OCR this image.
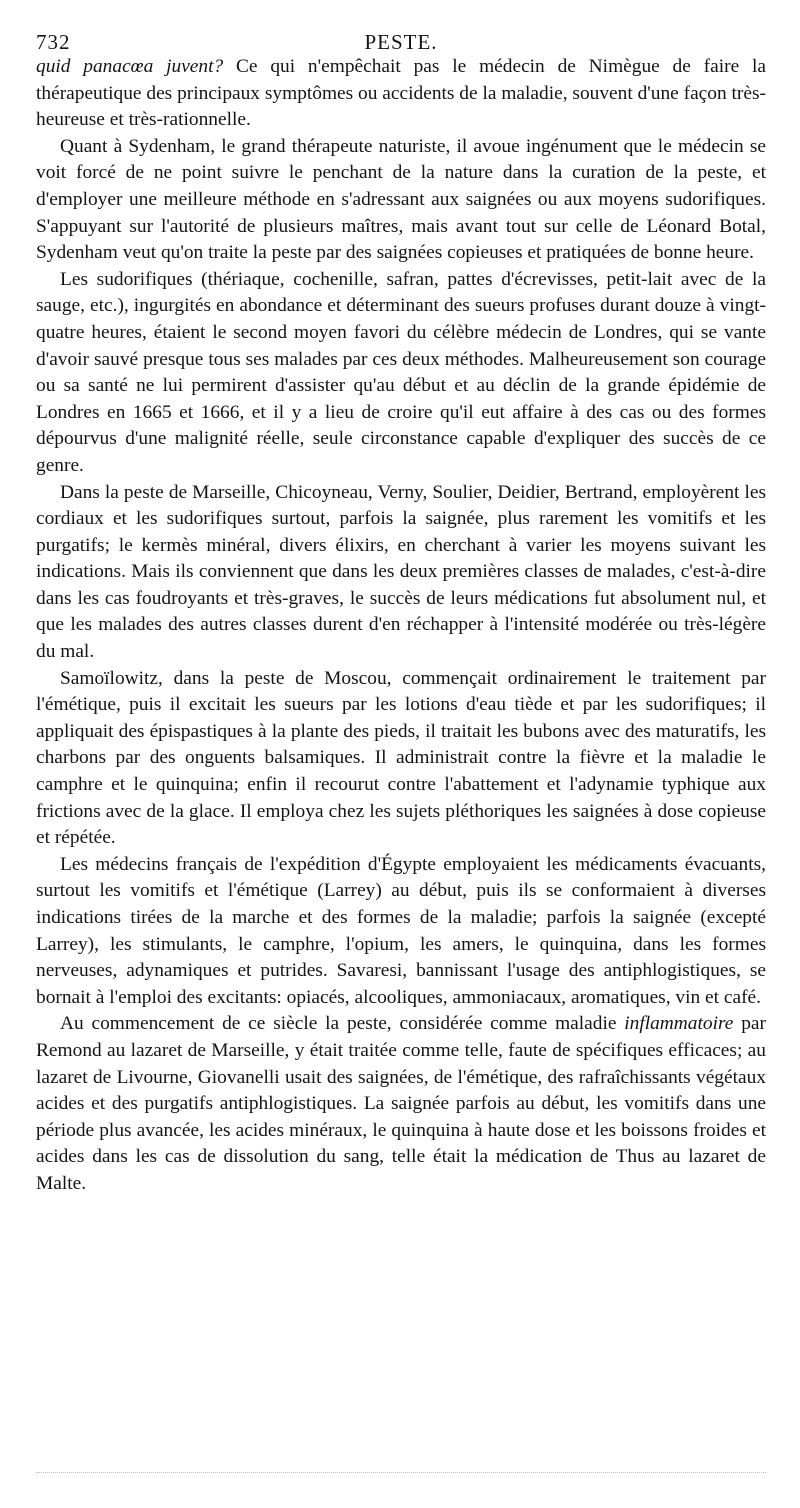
732	PESTE.

quid panacœa juvent? Ce qui n'empêchait pas le médecin de Nimègue de faire la thérapeutique des principaux symptômes ou accidents de la maladie, souvent d'une façon très-heureuse et très-rationnelle.

Quant à Sydenham, le grand thérapeute naturiste, il avoue ingénument que le médecin se voit forcé de ne point suivre le penchant de la nature dans la curation de la peste, et d'employer une meilleure méthode en s'adressant aux saignées ou aux moyens sudorifiques. S'appuyant sur l'autorité de plusieurs maîtres, mais avant tout sur celle de Léonard Botal, Sydenham veut qu'on traite la peste par des saignées copieuses et pratiquées de bonne heure.

Les sudorifiques (thériaque, cochenille, safran, pattes d'écrevisses, petit-lait avec de la sauge, etc.), ingurgités en abondance et déterminant des sueurs profuses durant douze à vingt-quatre heures, étaient le second moyen favori du célèbre médecin de Londres, qui se vante d'avoir sauvé presque tous ses malades par ces deux méthodes. Malheureusement son courage ou sa santé ne lui permirent d'assister qu'au début et au déclin de la grande épidémie de Londres en 1665 et 1666, et il y a lieu de croire qu'il eut affaire à des cas ou des formes dépourvus d'une malignité réelle, seule circonstance capable d'expliquer des succès de ce genre.

Dans la peste de Marseille, Chicoyneau, Verny, Soulier, Deidier, Bertrand, employèrent les cordiaux et les sudorifiques surtout, parfois la saignée, plus rarement les vomitifs et les purgatifs; le kermès minéral, divers élixirs, en cherchant à varier les moyens suivant les indications. Mais ils conviennent que dans les deux premières classes de malades, c'est-à-dire dans les cas foudroyants et très-graves, le succès de leurs médications fut absolument nul, et que les malades des autres classes durent d'en réchapper à l'intensité modérée ou très-légère du mal.

Samoïlowitz, dans la peste de Moscou, commençait ordinairement le traitement par l'émétique, puis il excitait les sueurs par les lotions d'eau tiède et par les sudorifiques; il appliquait des épispastiques à la plante des pieds, il traitait les bubons avec des maturatifs, les charbons par des onguents balsamiques. Il administrait contre la fièvre et la maladie le camphre et le quinquina; enfin il recourut contre l'abattement et l'adynamie typhique aux frictions avec de la glace. Il employa chez les sujets pléthoriques les saignées à dose copieuse et répétée.

Les médecins français de l'expédition d'Égypte employaient les médicaments évacuants, surtout les vomitifs et l'émétique (Larrey) au début, puis ils se conformaient à diverses indications tirées de la marche et des formes de la maladie; parfois la saignée (excepté Larrey), les stimulants, le camphre, l'opium, les amers, le quinquina, dans les formes nerveuses, adynamiques et putrides. Savaresi, bannissant l'usage des antiphlogistiques, se bornait à l'emploi des excitants: opiacés, alcooliques, ammoniacaux, aromatiques, vin et café.

Au commencement de ce siècle la peste, considérée comme maladie inflammatoire par Remond au lazaret de Marseille, y était traitée comme telle, faute de spécifiques efficaces; au lazaret de Livourne, Giovanelli usait des saignées, de l'émétique, des rafraîchissants végétaux acides et des purgatifs antiphlogistiques. La saignée parfois au début, les vomitifs dans une période plus avancée, les acides minéraux, le quinquina à haute dose et les boissons froides et acides dans les cas de dissolution du sang, telle était la médication de Thus au lazaret de Malte.
